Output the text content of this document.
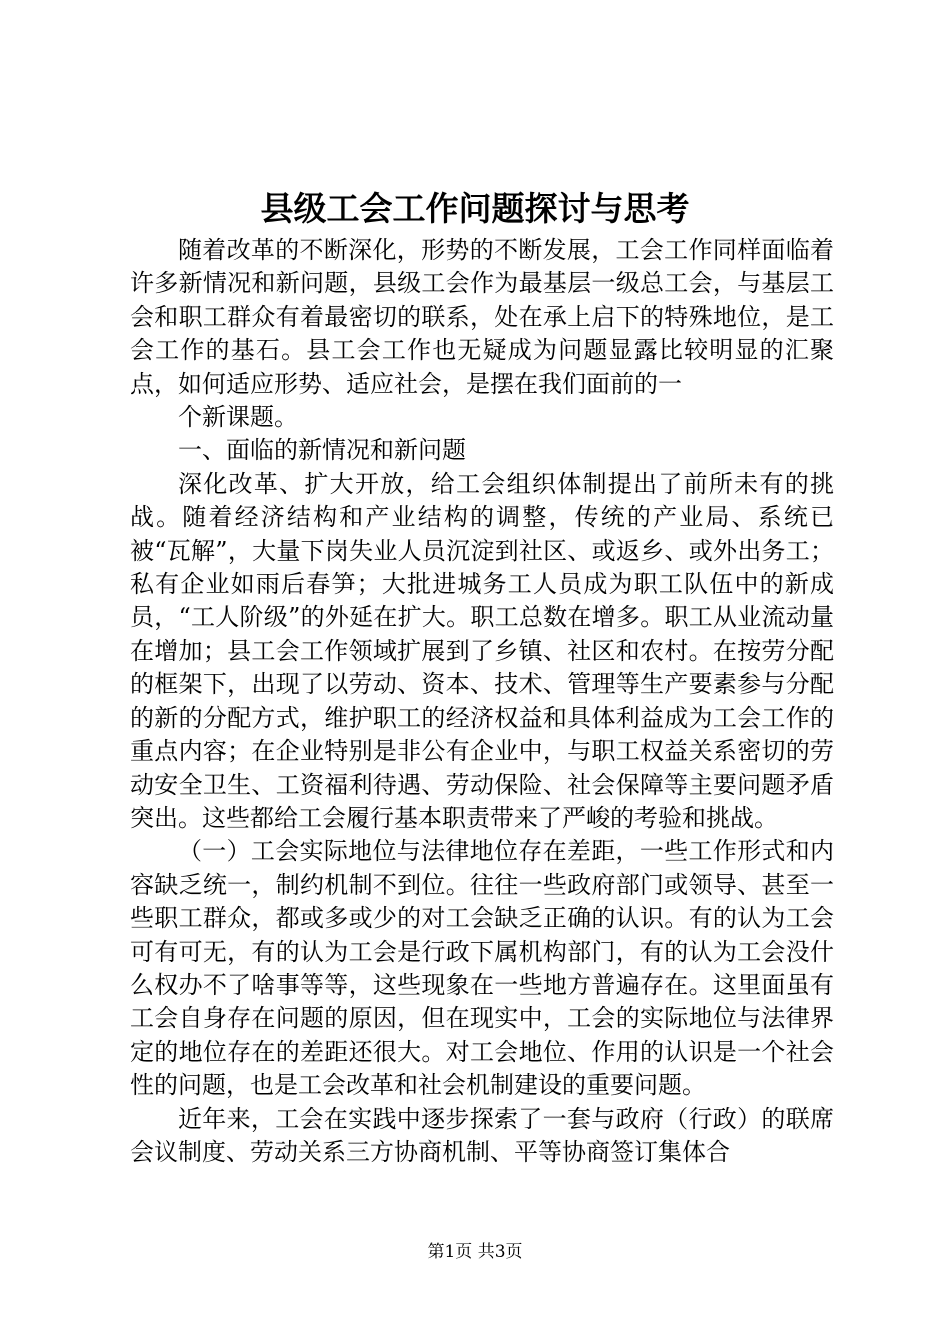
县级工会工作问题探讨与思考

随着改革的不断深化，形势的不断发展，工会工作同样面临着许多新情况和新问题，县级工会作为最基层一级总工会，与基层工会和职工群众有着最密切的联系，处在承上启下的特殊地位，是工会工作的基石。县工会工作也无疑成为问题显露比较明显的汇聚点，如何适应形势、适应社会，是摆在我们面前的一

个新课题。

一、面临的新情况和新问题

深化改革、扩大开放，给工会组织体制提出了前所未有的挑战。随着经济结构和产业结构的调整，传统的产业局、系统已被“瓦解”，大量下岗失业人员沉淀到社区、或返乡、或外出务工；私有企业如雨后春笋；大批进城务工人员成为职工队伍中的新成员，“工人阶级”的外延在扩大。职工总数在增多。职工从业流动量在增加；县工会工作领域扩展到了乡镇、社区和农村。在按劳分配的框架下，出现了以劳动、资本、技术、管理等生产要素参与分配的新的分配方式，维护职工的经济权益和具体利益成为工会工作的重点内容；在企业特别是非公有企业中，与职工权益关系密切的劳动安全卫生、工资福利待遇、劳动保险、社会保障等主要问题矛盾突出。这些都给工会履行基本职责带来了严峻的考验和挑战。

（一）工会实际地位与法律地位存在差距，一些工作形式和内容缺乏统一，制约机制不到位。往往一些政府部门或领导、甚至一些职工群众，都或多或少的对工会缺乏正确的认识。有的认为工会可有可无，有的认为工会是行政下属机构部门，有的认为工会没什么权办不了啥事等等，这些现象在一些地方普遍存在。这里面虽有工会自身存在问题的原因，但在现实中，工会的实际地位与法律界定的地位存在的差距还很大。对工会地位、作用的认识是一个社会性的问题，也是工会改革和社会机制建设的重要问题。

近年来，工会在实践中逐步探索了一套与政府（行政）的联席会议制度、劳动关系三方协商机制、平等协商签订集体合

第1页 共3页
